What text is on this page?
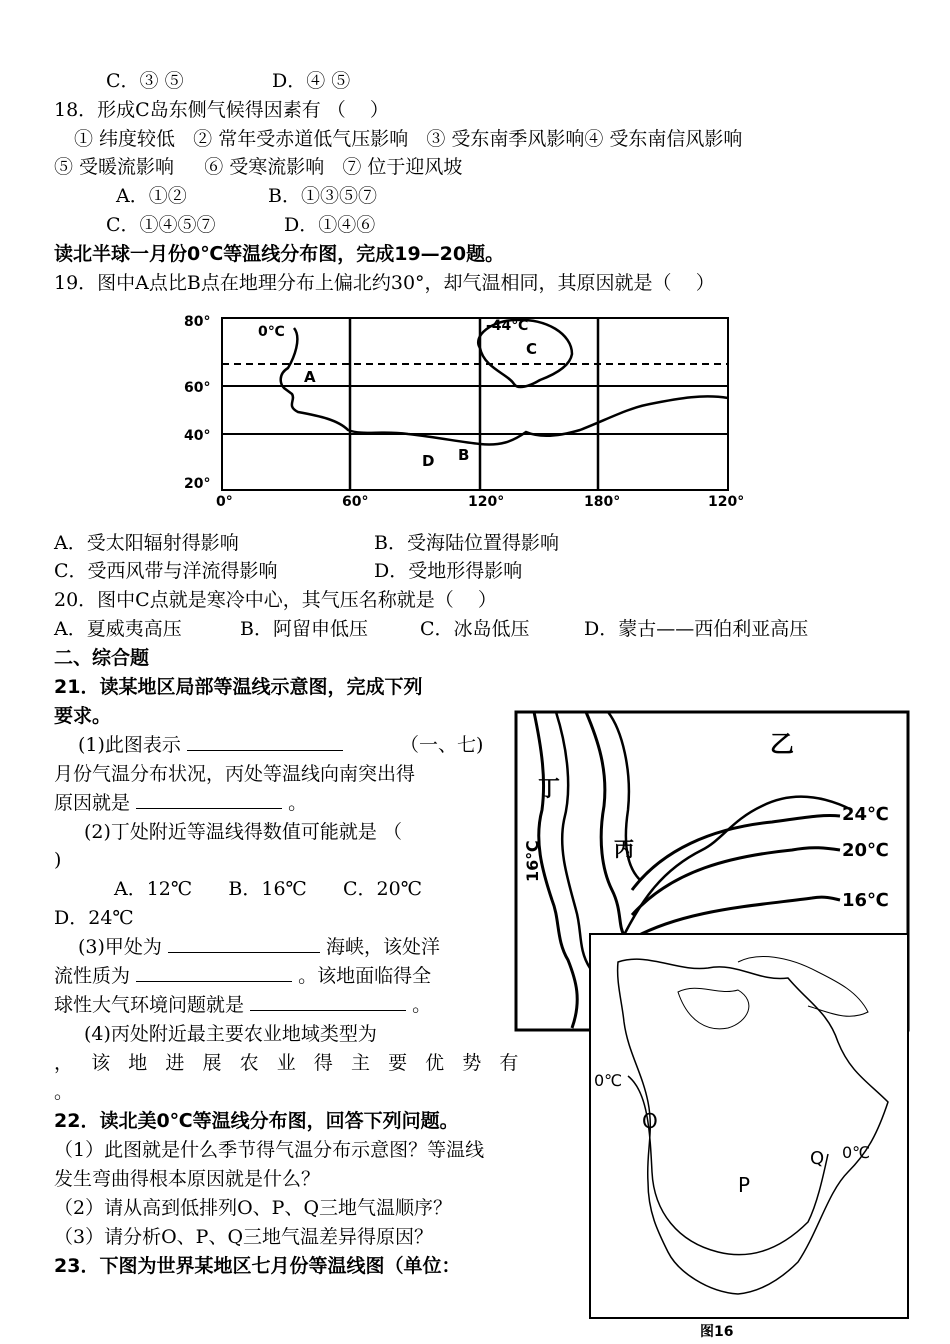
C．③ ⑤	D．④ ⑤
18．形成C岛东侧气候得因素有 （    ）
① 纬度较低   ② 常年受赤道低气压影响   ③ 受东南季风影响④ 受东南信风影响
⑤ 受暖流影响     ⑥ 受寒流影响   ⑦ 位于迎风坡
A．①②	B．①③⑤⑦
C．①④⑤⑦	D．①④⑥
读北半球一月份0℃等温线分布图，完成19—20题。
19．图中A点比B点在地理分布上偏北约30°，却气温相同，其原因就是（    ）
80°
60°
40°
20°
0°	60°	120°	180°	120°
0℃	-44℃
A
C
D B
A．受太阳辐射得影响	B．受海陆位置得影响
C．受西风带与洋流得影响	D．受地形得影响
20．图中C点就是寒冷中心，其气压名称就是（    ）
A．夏威夷高压	B．阿留申低压	C．冰岛低压	D．蒙古——西伯利亚高压
二、综合题
21．读某地区局部等温线示意图，完成下列
要求。
(1)此图表示	（一、七)
月份气温分布状况，丙处等温线向南突出得
原因就是	。
(2)丁处附近等温线得数值可能就是 （
)
A．12℃      B．16℃      C．20℃
D．24℃
(3)甲处为	海峡，该处洋
流性质为	。该地面临得全
球性大气环境问题就是	。
(4)丙处附近最主要农业地域类型为
，   该   地   进   展   农   业   得   主   要   优   势   有
。
乙
丁
丙
24℃
20℃
16℃
16℃
0℃
0℃
O
P
Q
图16
22．读北美0℃等温线分布图，回答下列问题。
（1）此图就是什么季节得气温分布示意图？等温线
发生弯曲得根本原因就是什么？
（2）请从高到低排列O、P、Q三地气温顺序？
（3）请分析O、P、Q三地气温差异得原因？
23．下图为世界某地区七月份等温线图（单位：
